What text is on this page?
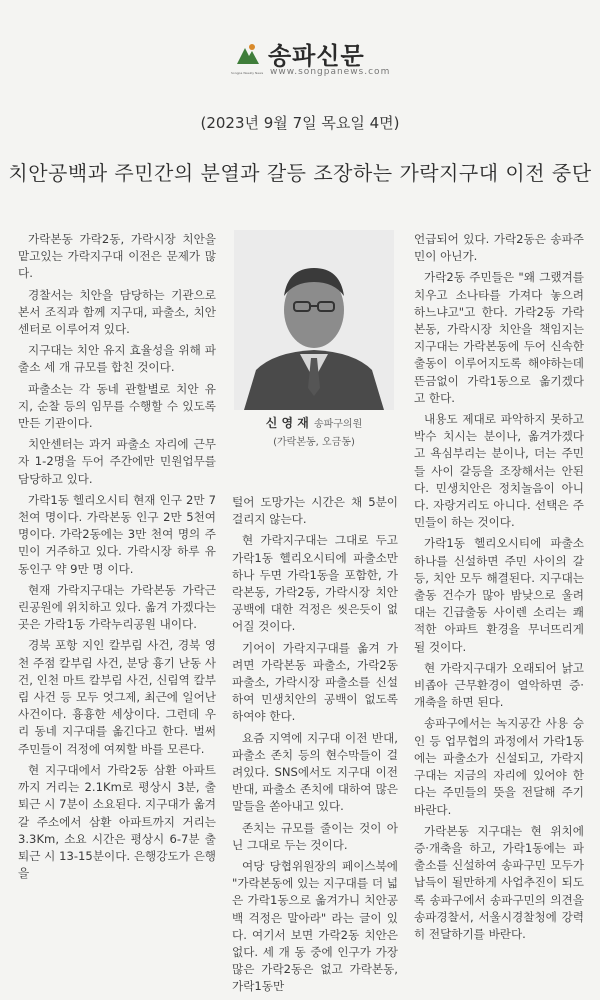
Songpa Weekly News
송파신문
www.songpanews.com
(2023년 9월 7일 목요일 4면)
치안공백과 주민간의 분열과 갈등 조장하는 가락지구대 이전 중단

가락본동 가락2동, 가락시장 치안을 맡고있는 가락지구대 이전은 문제가 많다.

경찰서는 치안을 담당하는 기관으로 본서 조직과 함께 지구대, 파출소, 치안센터로 이루어져 있다.

지구대는 치안 유지 효율성을 위해 파출소 세 개 규모를 합친 것이다.

파출소는 각 동네 관할별로 치안 유지, 순찰 등의 임무를 수행할 수 있도록 만든 기관이다.

치안센터는 과거 파출소 자리에 근무자 1-2명을 두어 주간에만 민원업무를 담당하고 있다.

가락1동 헬리오시티 현재 인구 2만 7천여 명이다. 가락본동 인구 2만 5천여명이다. 가락2동에는 3만 천여 명의 주민이 거주하고 있다. 가락시장 하루 유동인구 약 9만 명 이다.

현재 가락지구대는 가락본동 가락근린공원에 위치하고 있다. 옮겨 가겠다는 곳은 가락1동 가락누리공원 내이다.

경북 포항 지인 칼부림 사건, 경북 영천 주점 칼부림 사건, 분당 흉기 난동 사건, 인천 마트 칼부림 사건, 신림역 칼부림 사건 등 모두 엇그제, 최근에 일어난 사건이다. 흉흉한 세상이다. 그런데 우리 동네 지구대를 옮긴다고 한다. 벌써 주민들이 걱정에 여찌할 바를 모른다.

현 지구대에서 가락2동 삼환 아파트까지 거리는 2.1Km로 평상시 3분, 출퇴근 시 7분이 소요된다. 지구대가 옮겨갈 주소에서 삼환 아파트까지 거리는 3.3Km, 소요 시간은 평상시 6-7분 출퇴근 시 13-15분이다. 은행강도가 은행을

신 영 재 송파구의원
(가락본동, 오금동)

털어 도망가는 시간은 채 5분이 걸리지 않는다.

현 가락지구대는 그대로 두고 가락1동 헬리오시티에 파출소만 하나 두면 가락1동을 포함한, 가락본동, 가락2동, 가락시장 치안 공백에 대한 걱정은 씻은듯이 없어질 것이다.

기어이 가락지구대를 옮겨 가려면 가락본동 파출소, 가락2동 파출소, 가락시장 파출소를 신설하여 민생치안의 공백이 없도록 하여야 한다.

요즘 지역에 지구대 이전 반대, 파출소 존치 등의 현수막들이 걸려있다. SNS에서도 지구대 이전 반대, 파출소 존치에 대하여 많은 말들을 쏟아내고 있다.

존치는 규모를 줄이는 것이 아닌 그대로 두는 것이다.

여당 당협위원장의 페이스북에 "가락본동에 있는 지구대를 더 넓은 가락1동으로 옮겨가니 치안공백 걱정은 말아라" 라는 글이 있다. 여기서 보면 가락2동 치안은 없다. 세 개 동 중에 인구가 가장 많은 가락2동은 없고 가락본동, 가락1동만

언급되어 있다. 가락2동은 송파주민이 아닌가.

가락2동 주민들은 "왜 그랬겨를 치우고 소나타를 가져다 놓으려 하느냐고"고 한다. 가락2동 가락본동, 가락시장 치안을 책임지는 지구대는 가락본동에 두어 신속한 출동이 이루어지도록 해야하는데 뜬금없이 가락1동으로 옮기겠다고 한다.

내용도 제대로 파악하지 못하고 박수 치시는 분이나, 옮겨가겠다고 욕심부리는 분이나, 더는 주민들 사이 갈등을 조장해서는 안된다. 민생치안은 정치놀음이 아니다. 자랑거리도 아니다. 선택은 주민들이 하는 것이다.

가락1동 헬리오시티에 파출소 하나를 신설하면 주민 사이의 갈등, 치안 모두 해결된다. 지구대는 출동 건수가 많아 밤낮으로 울려대는 긴급출동 사이렌 소리는 쾌적한 아파트 환경을 무너뜨리게 될 것이다.

현 가락지구대가 오래되어 낡고 비좁아 근무환경이 열악하면 증·개축을 하면 된다.

송파구에서는 녹지공간 사용 승인 등 업무협의 과정에서 가락1동에는 파출소가 신설되고, 가락지구대는 지금의 자리에 있어야 한다는 주민들의 뜻을 전달해 주기 바란다.

가락본동 지구대는 현 위치에 증·개축을 하고, 가락1동에는 파출소를 신설하여 송파구민 모두가 납득이 될만하게 사업추진이 되도록 송파구에서 송파구민의 의견을 송파경찰서, 서울시경찰청에 강력히 전달하기를 바란다.
